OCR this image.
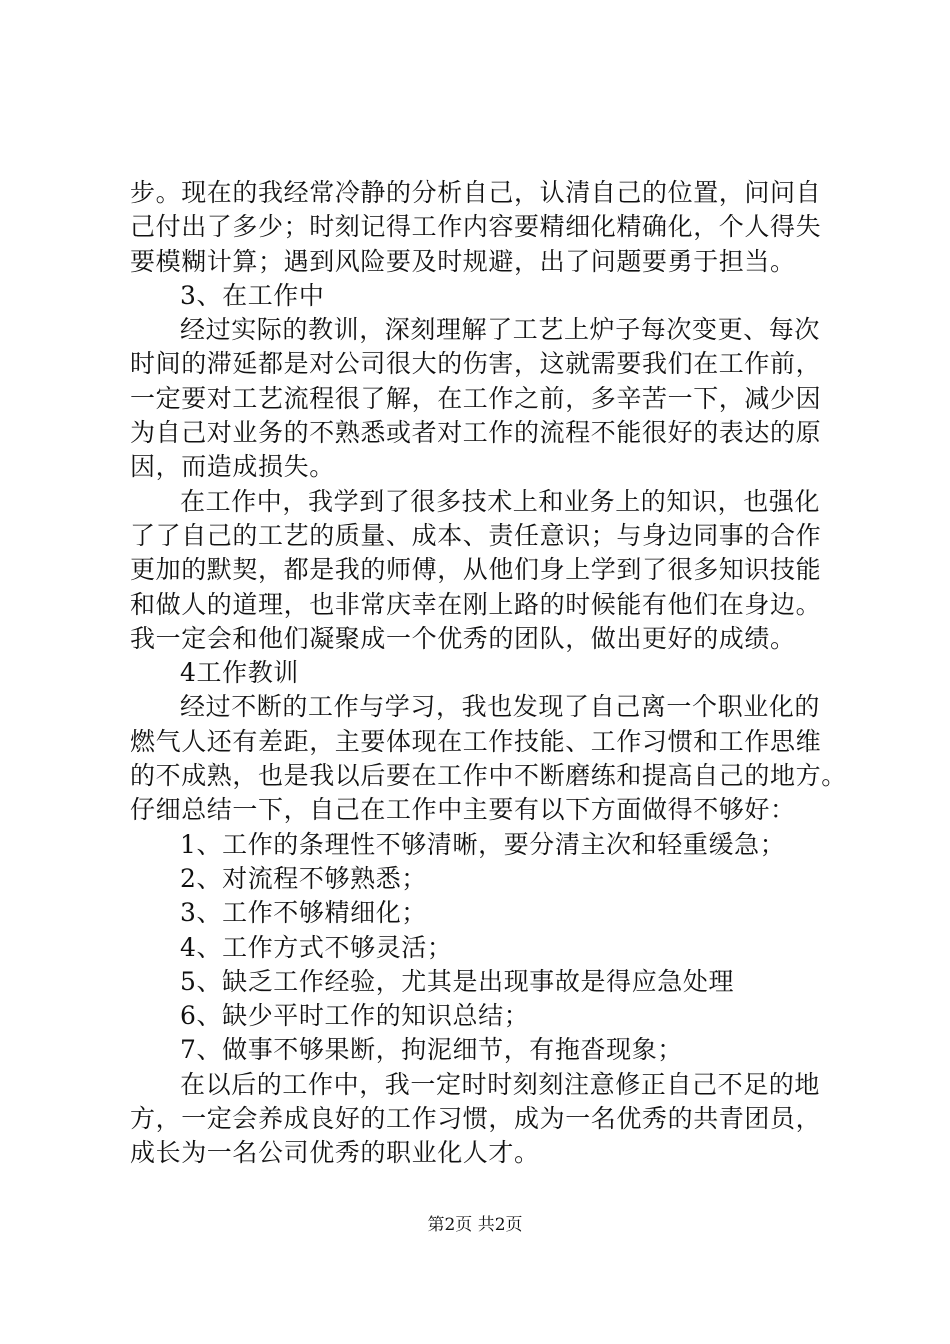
步。现在的我经常冷静的分析自己，认清自己的位置，问问自
己付出了多少；时刻记得工作内容要精细化精确化，个人得失
要模糊计算；遇到风险要及时规避，出了问题要勇于担当。
3、在工作中
经过实际的教训，深刻理解了工艺上炉子每次变更、每次
时间的滞延都是对公司很大的伤害，这就需要我们在工作前，
一定要对工艺流程很了解，在工作之前，多辛苦一下，减少因
为自己对业务的不熟悉或者对工作的流程不能很好的表达的原
因，而造成损失。
在工作中，我学到了很多技术上和业务上的知识，也强化
了了自己的工艺的质量、成本、责任意识；与身边同事的合作
更加的默契，都是我的师傅，从他们身上学到了很多知识技能
和做人的道理，也非常庆幸在刚上路的时候能有他们在身边。
我一定会和他们凝聚成一个优秀的团队，做出更好的成绩。
4工作教训
经过不断的工作与学习，我也发现了自己离一个职业化的
燃气人还有差距，主要体现在工作技能、工作习惯和工作思维
的不成熟，也是我以后要在工作中不断磨练和提高自己的地方。
仔细总结一下，自己在工作中主要有以下方面做得不够好：
1、工作的条理性不够清晰，要分清主次和轻重缓急；
2、对流程不够熟悉；
3、工作不够精细化；
4、工作方式不够灵活；
5、缺乏工作经验，尤其是出现事故是得应急处理
6、缺少平时工作的知识总结；
7、做事不够果断，拘泥细节，有拖沓现象；
在以后的工作中，我一定时时刻刻注意修正自己不足的地
方，一定会养成良好的工作习惯，成为一名优秀的共青团员，
成长为一名公司优秀的职业化人才。
第2页 共2页
